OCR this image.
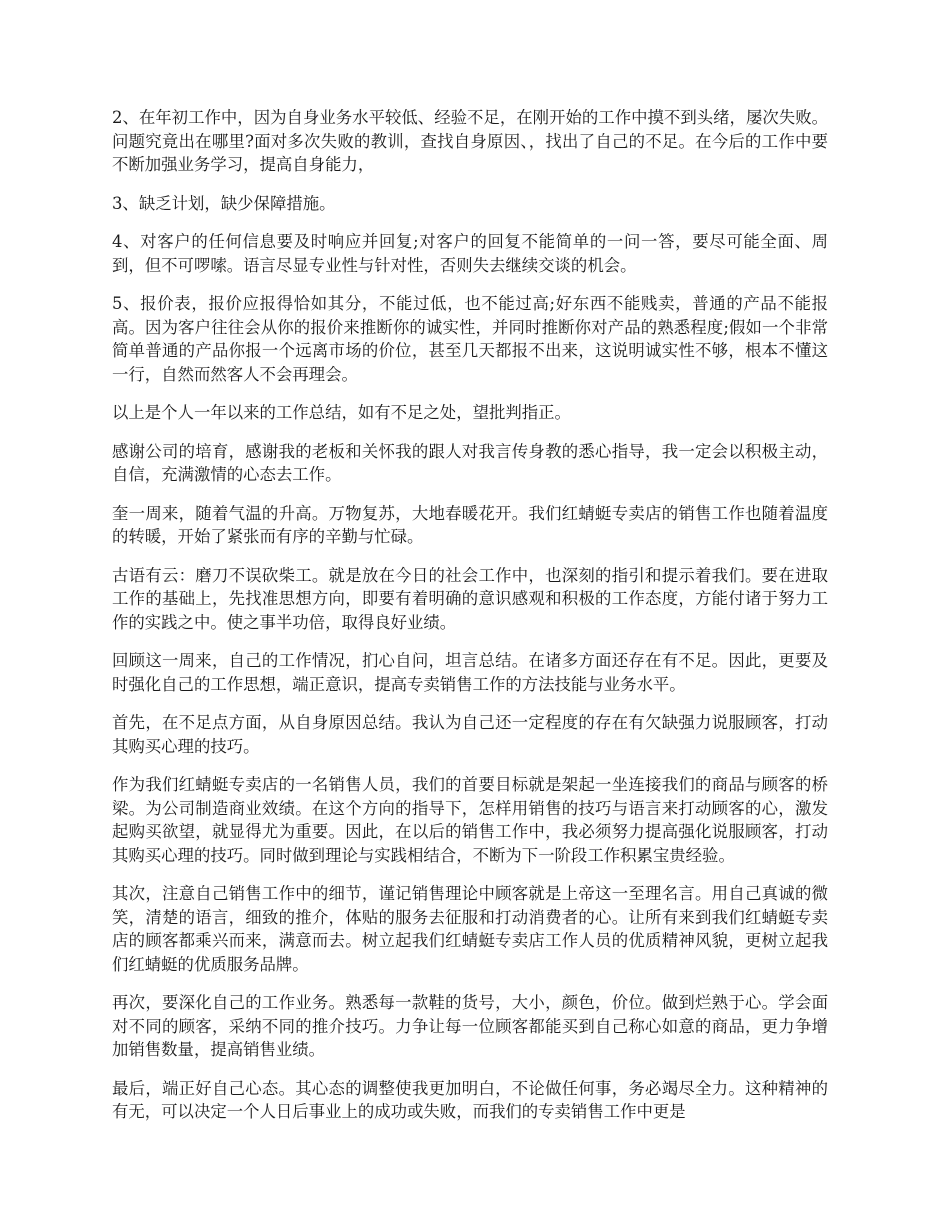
2、在年初工作中，因为自身业务水平较低、经验不足，在刚开始的工作中摸不到头绪，屡次失败。问题究竟出在哪里?面对多次失败的教训，查找自身原因、，找出了自己的不足。在今后的工作中要不断加强业务学习，提高自身能力，

3、缺乏计划，缺少保障措施。

4、对客户的任何信息要及时响应并回复;对客户的回复不能简单的一问一答，要尽可能全面、周到，但不可啰嗦。语言尽显专业性与针对性，否则失去继续交谈的机会。

5、报价表，报价应报得恰如其分，不能过低，也不能过高;好东西不能贱卖，普通的产品不能报高。因为客户往往会从你的报价来推断你的诚实性，并同时推断你对产品的熟悉程度;假如一个非常简单普通的产品你报一个远离市场的价位，甚至几天都报不出来，这说明诚实性不够，根本不懂这一行，自然而然客人不会再理会。

以上是个人一年以来的工作总结，如有不足之处，望批判指正。

感谢公司的培育，感谢我的老板和关怀我的跟人对我言传身教的悉心指导，我一定会以积极主动，自信，充满激情的心态去工作。

奎一周来，随着气温的升高。万物复苏，大地春暖花开。我们红蜻蜓专卖店的销售工作也随着温度的转暖，开始了紧张而有序的辛勤与忙碌。

古语有云：磨刀不误砍柴工。就是放在今日的社会工作中，也深刻的指引和提示着我们。要在进取工作的基础上，先找准思想方向，即要有着明确的意识感观和积极的工作态度，方能付诸于努力工作的实践之中。使之事半功倍，取得良好业绩。

回顾这一周来，自己的工作情况，扪心自问，坦言总结。在诸多方面还存在有不足。因此，更要及时强化自己的工作思想，端正意识，提高专卖销售工作的方法技能与业务水平。

首先，在不足点方面，从自身原因总结。我认为自己还一定程度的存在有欠缺强力说服顾客，打动其购买心理的技巧。

作为我们红蜻蜓专卖店的一名销售人员，我们的首要目标就是架起一坐连接我们的商品与顾客的桥梁。为公司制造商业效绩。在这个方向的指导下，怎样用销售的技巧与语言来打动顾客的心，激发起购买欲望，就显得尤为重要。因此，在以后的销售工作中，我必须努力提高强化说服顾客，打动其购买心理的技巧。同时做到理论与实践相结合，不断为下一阶段工作积累宝贵经验。

其次，注意自己销售工作中的细节，谨记销售理论中顾客就是上帝这一至理名言。用自己真诚的微笑，清楚的语言，细致的推介，体贴的服务去征服和打动消费者的心。让所有来到我们红蜻蜓专卖店的顾客都乘兴而来，满意而去。树立起我们红蜻蜓专卖店工作人员的优质精神风貌，更树立起我们红蜻蜓的优质服务品牌。

再次，要深化自己的工作业务。熟悉每一款鞋的货号，大小，颜色，价位。做到烂熟于心。学会面对不同的顾客，采纳不同的推介技巧。力争让每一位顾客都能买到自己称心如意的商品，更力争增加销售数量，提高销售业绩。

最后，端正好自己心态。其心态的调整使我更加明白，不论做任何事，务必竭尽全力。这种精神的有无，可以决定一个人日后事业上的成功或失败，而我们的专卖销售工作中更是
